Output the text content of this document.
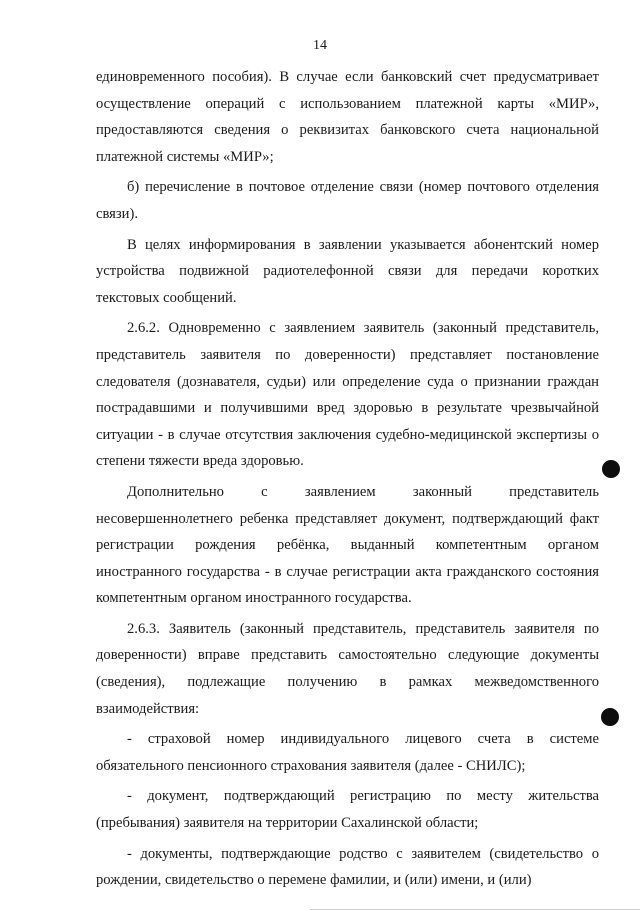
14

единовременного пособия). В случае если банковский счет предусматривает осуществление операций с использованием платежной карты «МИР», предоставляются сведения о реквизитах банковского счета национальной платежной системы «МИР»;

б) перечисление в почтовое отделение связи (номер почтового отделения связи).

В целях информирования в заявлении указывается абонентский номер устройства подвижной радиотелефонной связи для передачи коротких текстовых сообщений.

2.6.2. Одновременно с заявлением заявитель (законный представитель, представитель заявителя по доверенности) представляет постановление следователя (дознавателя, судьи) или определение суда о признании граждан пострадавшими и получившими вред здоровью в результате чрезвычайной ситуации - в случае отсутствия заключения судебно-медицинской экспертизы о степени тяжести вреда здоровью.

Дополнительно с заявлением законный представитель несовершеннолетнего ребенка представляет документ, подтверждающий факт регистрации рождения ребёнка, выданный компетентным органом иностранного государства - в случае регистрации акта гражданского состояния компетентным органом иностранного государства.

2.6.3. Заявитель (законный представитель, представитель заявителя по доверенности) вправе представить самостоятельно следующие документы (сведения), подлежащие получению в рамках межведомственного взаимодействия:

- страховой номер индивидуального лицевого счета в системе обязательного пенсионного страхования заявителя (далее - СНИЛС);

- документ, подтверждающий регистрацию по месту жительства (пребывания) заявителя на территории Сахалинской области;

- документы, подтверждающие родство с заявителем (свидетельство о рождении, свидетельство о перемене фамилии, и (или) имени, и (или)
